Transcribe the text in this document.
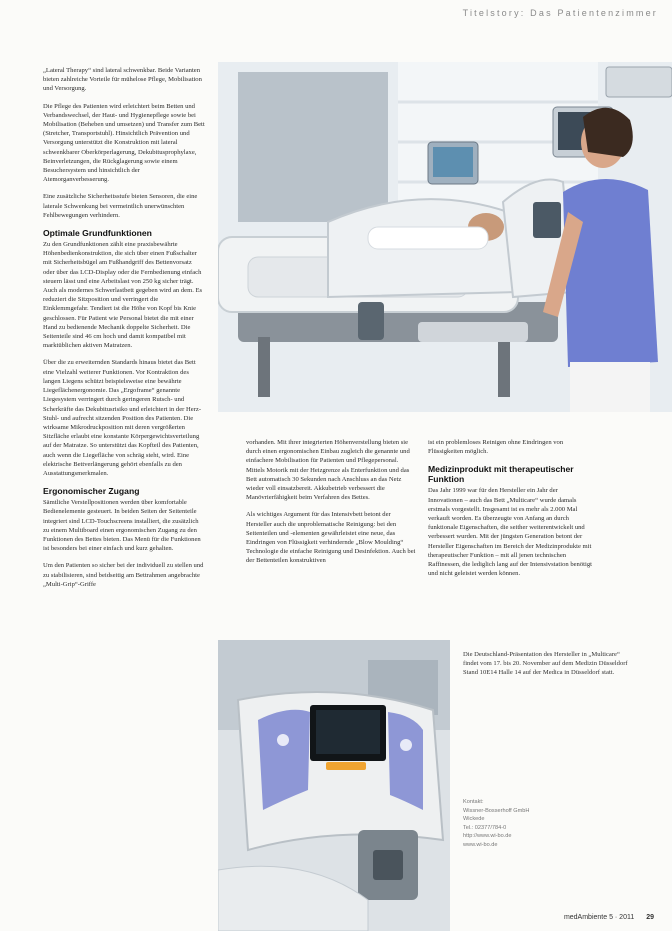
Titelstory: Das Patientenzimmer

„Lateral Therapy“ sind lateral schwenkbar. Beide Varianten bieten zahlreiche Vorteile für mühelose Pflege, Mobilisation und Versorgung.

Die Pflege des Patienten wird erleichtert beim Betten und Verbandswechsel, der Haut- und Hygienepflege sowie bei Mobilisation (Beheben und umsetzen) und Transfer zum Bett (Stretcher, Transportstuhl). Hinsichtlich Prävention und Versorgung unterstützt die Konstruktion mit lateral schwenkbarer Oberkörperlagerung, Dekubitusprophylaxe, Beinverletzungen, die Rückglagerung sowie einem Besuchersystem und hinsichtlich der Atemorganverbesserung.

Eine zusätzliche Sicherheitsstufe bieten Sensoren, die eine laterale Schwenkung bei vermeintlich unerwünschten Fehlbewegungen verhindern.

Optimale Grundfunktionen

Zu den Grundfunktionen zählt eine praxisbewährte Höhenbedienkonstruktion, die sich über einen Fußschalter mit Sicherheitsbügel am Fußhandgriff des Bettenvorsatz oder über das LCD-Display oder die Fernbedienung einfach steuern lässt und eine Arbeitslast von 250 kg sicher trägt. Auch als modernes Schwerlastbett gegeben wird an dem. Es reduziert die Sitzposition und verringert die Einklemmgefahr. Tendiert ist die Höhe von Kopf bis Knie geschlossen. Für Patient wie Personal bietet die mit einer Hand zu bedienende Mechanik doppelte Sicherheit. Die Seitenteile sind 46 cm hoch und damit kompatibel mit marktüblichen aktiven Matratzen.

Über die zu erweiternden Standards hinaus bietet das Bett eine Vielzahl weiterer Funktionen. Vor Kontraktion des langen Liegens schützt beispielsweise eine bewährte Liegeflächenergonomie. Das „Ergoframe“ genannte Liegesystem verringert durch geringeren Rutsch- und Scherkräfte das Dekubitusrisiko und erleichtert in der Herz-Stuhl- und aufrecht sitzenden Position des Patienten. Die wirksame Mikrodruckposition mit deren vergrößerten Sitzfläche erlaubt eine konstante Körpergewichtsverteilung auf der Matratze. So unterstützt das Kopfteil des Patienten, auch wenn die Liegefläche von schräg steht, wird. Eine elektrische Bettverlängerung gehört ebenfalls zu den Ausstattungsmerkmalen.

Ergonomischer Zugang

Sämtliche Verstellpositionen werden über komfortable Bedienelemente gesteuert. In beiden Seiten der Seitenteile integriert sind LCD-Touchscreens installiert, die zusätzlich zu einem Multiboard einen ergonomischen Zugang zu den Funktionen des Bettes bieten. Das Menü für die Funktionen ist besonders bei einer einfach und kurz gehalten.

Um den Patienten so sicher bei der individuell zu stellen und zu stabilisieren, sind beidseitig am Bettrahmen angebrachte „Multi-Grip“-Griffe

vorhanden. Mit ihrer integrierten Höhenverstellung bieten sie durch einen ergonomischen Einbau zugleich die genannte und einfachere Mobilisation für Patienten und Pflegepersonal. Mittels Motorik mit der Heizgrenze als Enterfunktion und das Bett automatisch 30 Sekunden nach Anschluss an das Netz wieder voll einsatzbereit. Akkubetrieb verbessert die Manövrierfähigkeit beim Verfahren des Bettes.

Als wichtiges Argument für das Intensivbett betont der Hersteller auch die unproblematische Reinigung: bei den Seitenteilen und -elementen gewährleistet eine neue, das Eindringen von Flüssigkeit verhindernde „Blow Moulding“ Technologie die einfache Reinigung und Desinfektion. Auch bei der Bettenteilen konstruktiven

ist ein problemloses Reinigen ohne Eindringen von Flüssigkeiten möglich.

Medizinprodukt mit therapeutischer Funktion

Das Jahr 1999 war für den Hersteller ein Jahr der Innovationen – auch das Bett „Multicare“ wurde damals erstmals vorgestellt. Insgesamt ist es mehr als 2.000 Mal verkauft worden. Es überzeugte von Anfang an durch funktionale Eigenschaften, die seither weiterentwickelt und verbessert wurden. Mit der jüngsten Generation betont der Hersteller Eigenschaften im Bereich der Medizinprodukte mit therapeutischer Funktion – mit all jenen technischen Raffinessen, die lediglich lang auf der Intensivstation benötigt und nicht geleistet werden können.

Die Deutschland-Präsentation des Hersteller in „Multicare“ findet vom 17. bis 20. November auf dem Medizin Düsseldorf Stand 10E14 Halle 14 auf der Medica in Düsseldorf statt.

Kontakt:
Wissner-Bosserhoff GmbH
Wickede
Tel.: 02377/784-0
http://www.wi-bo.de
www.wi-bo.de
medAmbiente 5 · 2011 29
